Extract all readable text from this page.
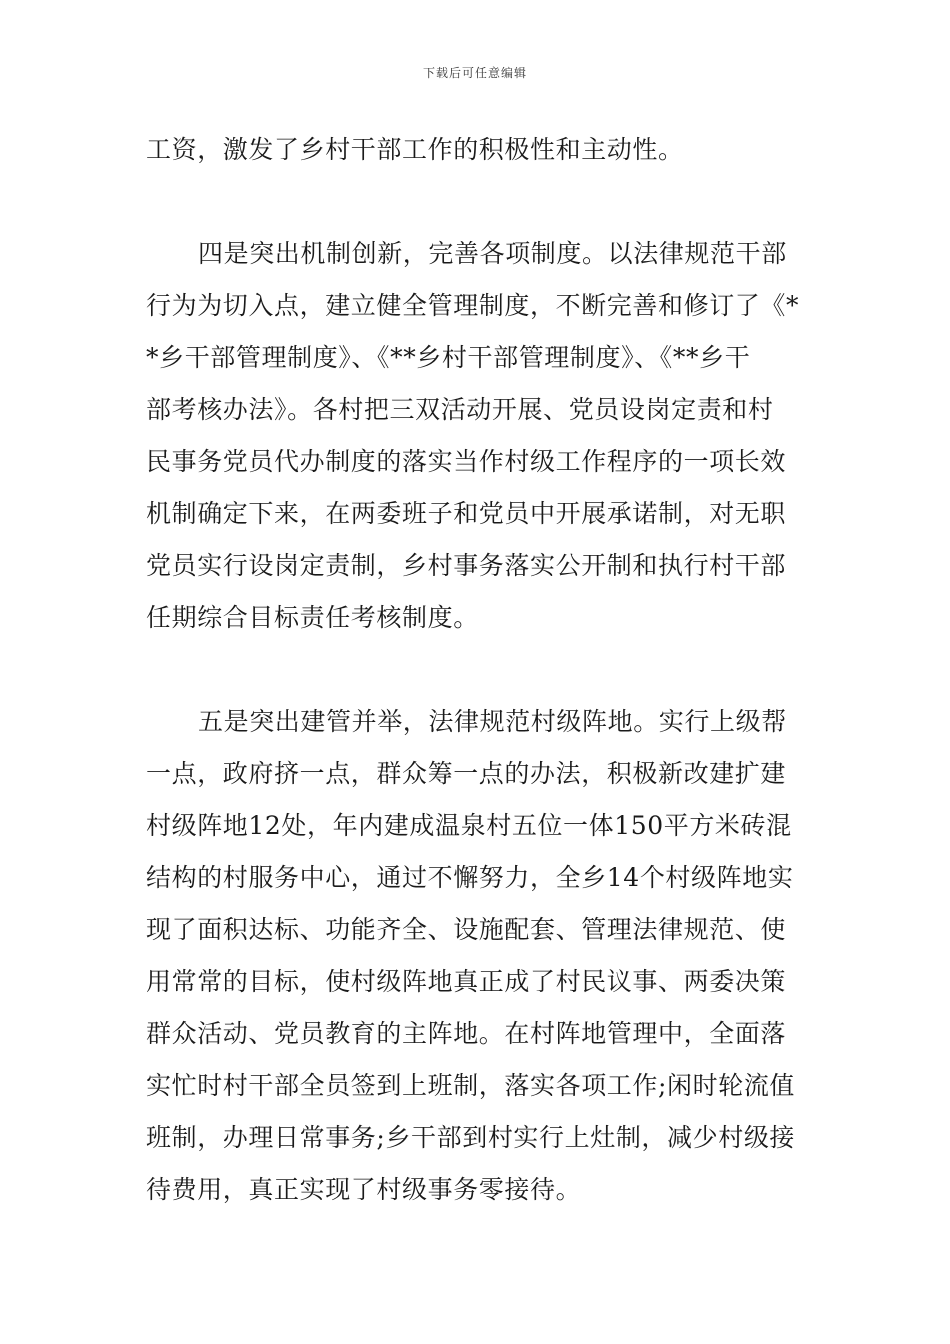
下载后可任意编辑
工资，激发了乡村干部工作的积极性和主动性。
四是突出机制创新，完善各项制度。以法律规范干部
行为为切入点，建立健全管理制度，不断完善和修订了《*
*乡干部管理制度》、《**乡村干部管理制度》、《**乡干
部考核办法》。各村把三双活动开展、党员设岗定责和村
民事务党员代办制度的落实当作村级工作程序的一项长效
机制确定下来，在两委班子和党员中开展承诺制，对无职
党员实行设岗定责制，乡村事务落实公开制和执行村干部
任期综合目标责任考核制度。
五是突出建管并举，法律规范村级阵地。实行上级帮
一点，政府挤一点，群众筹一点的办法，积极新改建扩建
村级阵地12处，年内建成温泉村五位一体150平方米砖混
结构的村服务中心，通过不懈努力，全乡14个村级阵地实
现了面积达标、功能齐全、设施配套、管理法律规范、使
用常常的目标，使村级阵地真正成了村民议事、两委决策
群众活动、党员教育的主阵地。在村阵地管理中，全面落
实忙时村干部全员签到上班制，落实各项工作;闲时轮流值
班制，办理日常事务;乡干部到村实行上灶制，减少村级接
待费用，真正实现了村级事务零接待。
